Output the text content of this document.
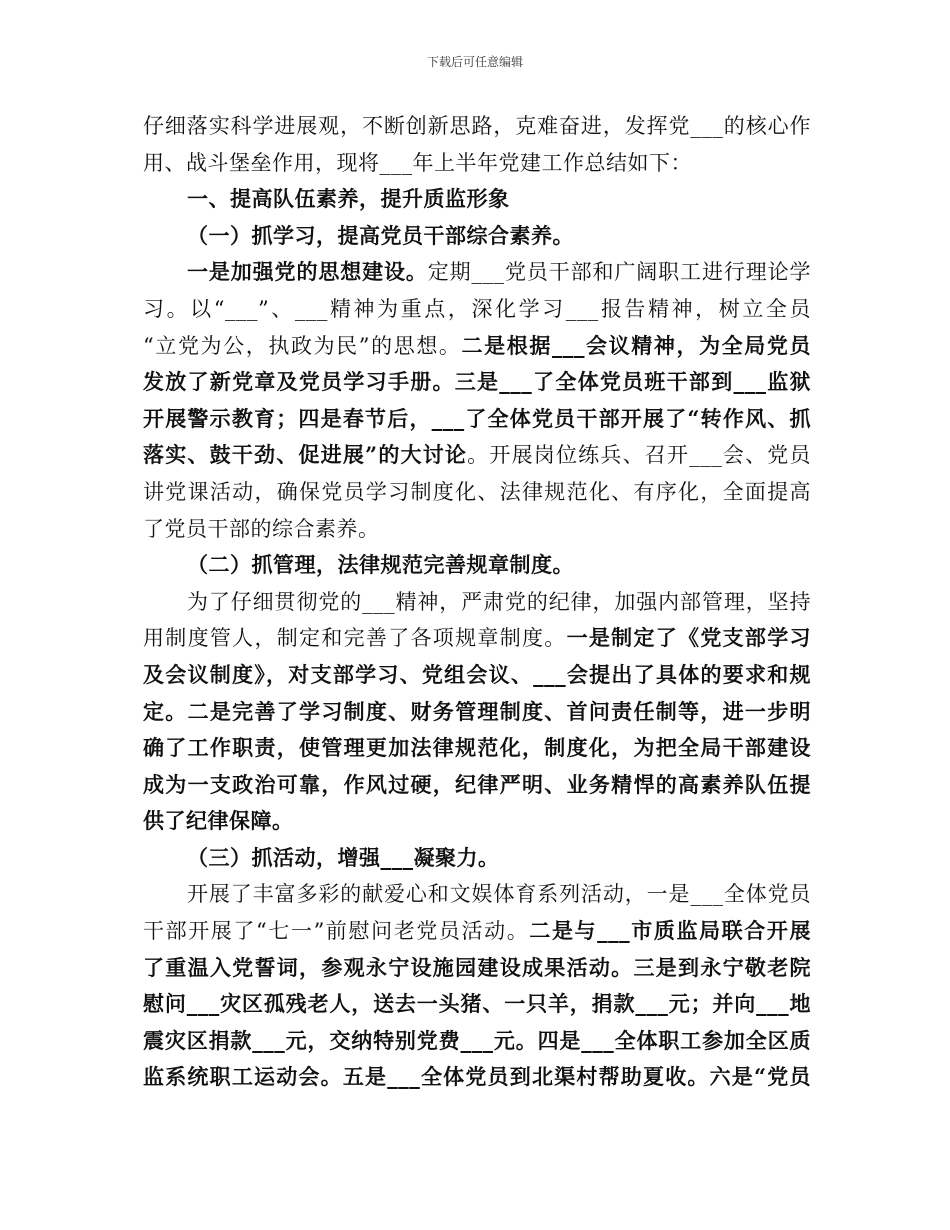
下载后可任意编辑
仔细落实科学进展观，不断创新思路，克难奋进，发挥党___的核心作
用、战斗堡垒作用，现将___年上半年党建工作总结如下：
一、提高队伍素养，提升质监形象
（一）抓学习，提高党员干部综合素养。
一是加强党的思想建设。定期___党员干部和广阔职工进行理论学
习。以“___”、___精神为重点，深化学习___报告精神，树立全员
“立党为公，执政为民”的思想。二是根据___会议精神，为全局党员
发放了新党章及党员学习手册。三是___了全体党员班干部到___监狱
开展警示教育；四是春节后，___了全体党员干部开展了“转作风、抓
落实、鼓干劲、促进展”的大讨论。开展岗位练兵、召开___会、党员
讲党课活动，确保党员学习制度化、法律规范化、有序化，全面提高
了党员干部的综合素养。
（二）抓管理，法律规范完善规章制度。
为了仔细贯彻党的___精神，严肃党的纪律，加强内部管理，坚持
用制度管人，制定和完善了各项规章制度。一是制定了《党支部学习
及会议制度》，对支部学习、党组会议、___会提出了具体的要求和规
定。二是完善了学习制度、财务管理制度、首问责任制等，进一步明
确了工作职责，使管理更加法律规范化，制度化，为把全局干部建设
成为一支政治可靠，作风过硬，纪律严明、业务精悍的高素养队伍提
供了纪律保障。
（三）抓活动，增强___凝聚力。
开展了丰富多彩的献爱心和文娱体育系列活动，一是___全体党员
干部开展了“七一”前慰问老党员活动。二是与___市质监局联合开展
了重温入党誓词，参观永宁设施园建设成果活动。三是到永宁敬老院
慰问___灾区孤残老人，送去一头猪、一只羊，捐款___元；并向___地
震灾区捐款___元，交纳特别党费___元。四是___全体职工参加全区质
监系统职工运动会。五是___全体党员到北渠村帮助夏收。六是“党员
